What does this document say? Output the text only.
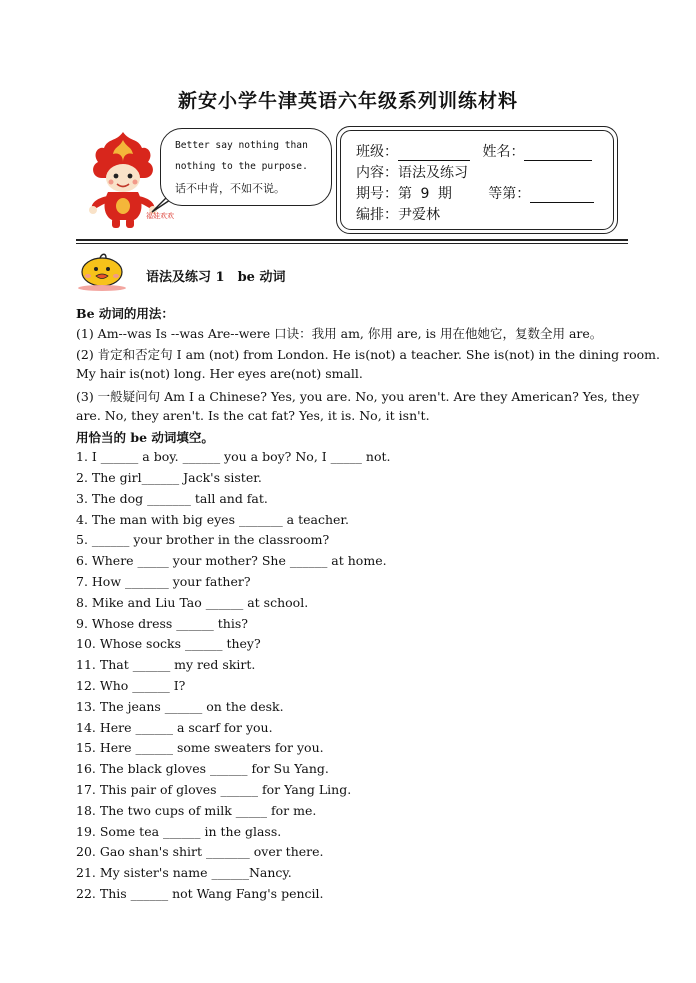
新安小学牛津英语六年级系列训练材料
福娃欢欢
Better say nothing than
nothing to the purpose.
话不中肯，不如不说。
班级：	姓名：
内容：语法及练习
期号：第 9 期	等第：
编排：尹爱林
语法及练习 1　be 动词
Be 动词的用法：
(1) Am--was Is --was Are--were 口诀：我用 am, 你用 are, is 用在他她它，复数全用 are。
(2) 肯定和否定句 I am (not) from London. He is(not) a teacher. She is(not) in the dining room.
My hair is(not) long. Her eyes are(not) small.
(3) 一般疑问句 Am I a Chinese? Yes, you are. No, you aren't. Are they American? Yes, they
are. No, they aren't. Is the cat fat? Yes, it is. No, it isn't.
用恰当的 be 动词填空。
1. I ______ a boy. ______ you a boy? No, I _____ not.
2. The girl______ Jack's sister.
3. The dog _______ tall and fat.
4. The man with big eyes _______ a teacher.
5. ______ your brother in the classroom?
6. Where _____ your mother? She ______ at home.
7. How _______ your father?
8. Mike and Liu Tao ______ at school.
9. Whose dress ______ this?
10. Whose socks ______ they?
11. That ______ my red skirt.
12. Who ______ I?
13. The jeans ______ on the desk.
14. Here ______ a scarf for you.
15. Here ______ some sweaters for you.
16. The black gloves ______ for Su Yang.
17. This pair of gloves ______ for Yang Ling.
18. The two cups of milk _____ for me.
19. Some tea ______ in the glass.
20. Gao shan's shirt _______ over there.
21. My sister's name ______Nancy.
22. This ______ not Wang Fang's pencil.
